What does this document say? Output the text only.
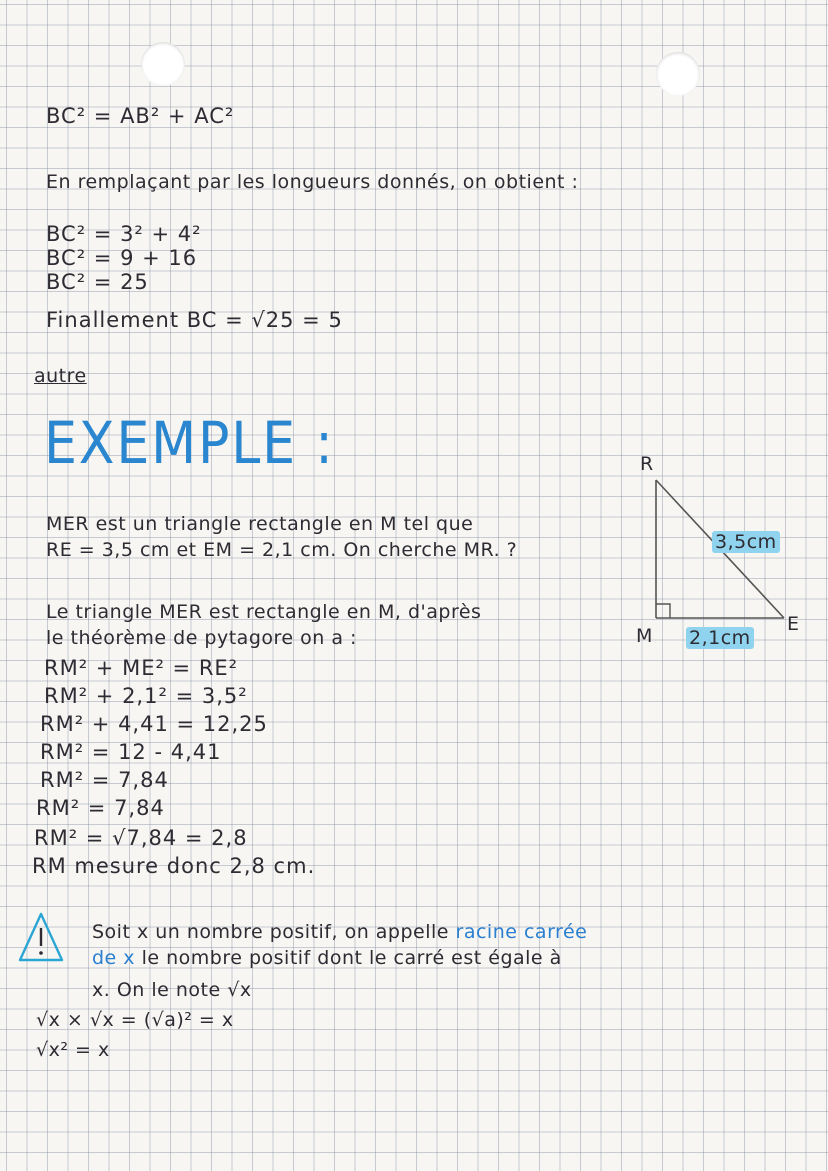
BC² = AB² + AC²
En remplaçant par les longueurs donnés, on obtient :
BC² = 3² + 4²
BC² = 9 + 16
BC² = 25
Finallement BC = √25 = 5
autre
EXEMPLE :
MER est un triangle rectangle en M tel que
RE = 3,5 cm et EM = 2,1 cm. On cherche MR. ?
Le triangle MER est rectangle en M, d'après
le théorème de pytagore on a :
RM² + ME² = RE²
RM² + 2,1² = 3,5²
RM² + 4,41 = 12,25
RM² = 12 - 4,41
RM² = 7,84
RM² = 7,84
RM² = √7,84 = 2,8
RM mesure donc 2,8 cm.
R
M
E
3,5cm
2,1cm
Soit x un nombre positif, on appelle racine carrée
de x le nombre positif dont le carré est égale à
x. On le note √x
√x × √x = (√a)² = x
√x² = x
